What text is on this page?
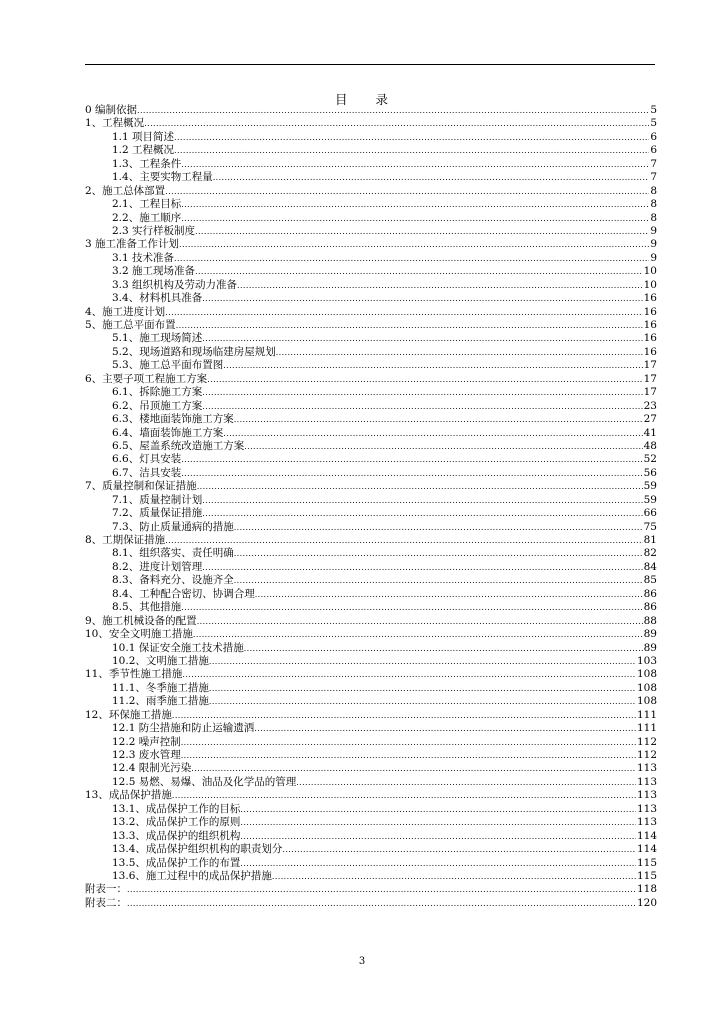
目　　录
0 编制依据 .....	5
1、工程概况 .....	5
1.1 项目简述 .....	6
1.2 工程概况 .....	6
1.3、工程条件 .....	7
1.4、主要实物工程量 .....	7
2、施工总体部置 .....	8
2.1、工程目标 .....	8
2.2、施工顺序 .....	8
2.3 实行样板制度 .....	9
3 施工准备工作计划 .....	9
3.1 技术准备 .....	9
3.2 施工现场准备 .....	10
3.3 组织机构及劳动力准备 .....	10
3.4、材料机具准备 .....	16
4、施工进度计划 .....	16
5、施工总平面布置 .....	16
5.1、施工现场简述 .....	16
5.2、现场道路和现场临建房屋规划 .....	16
5.3、施工总平面布置图 .....	17
6、主要子项工程施工方案 .....	17
6.1、拆除施工方案 .....	17
6.2、吊顶施工方案 .....	23
6.3、楼地面装饰施工方案 .....	27
6.4、墙面装饰施工方案 .....	41
6.5、屋盖系统改造施工方案 .....	48
6.6、灯具安装 .....	52
6.7、洁具安装 .....	56
7、质量控制和保证措施 .....	59
7.1、质量控制计划 .....	59
7.2、质量保证措施 .....	66
7.3、防止质量通病的措施 .....	75
8、工期保证措施 .....	81
8.1、组织落实、责任明确 .....	82
8.2、进度计划管理 .....	84
8.3、备料充分、设施齐全 .....	85
8.4、工种配合密切、协调合理 .....	86
8.5、其他措施 .....	86
9、施工机械设备的配置 .....	88
10、安全文明施工措施 .....	89
10.1 保证安全施工技术措施 .....	89
10.2、文明施工措施 .....	103
11、季节性施工措施 .....	108
11.1、冬季施工措施 .....	108
11.2、雨季施工措施 .....	108
12、环保施工措施 .....	111
12.1 防尘措施和防止运输遗洒 .....	111
12.2 噪声控制 .....	112
12.3 废水管理 .....	112
12.4 限制光污染 .....	113
12.5 易燃、易爆、油品及化学品的管理 .....	113
13、成品保护措施 .....	113
13.1、成品保护工作的目标 .....	113
13.2、成品保护工作的原则 .....	113
13.3、成品保护的组织机构 .....	114
13.4、成品保护组织机构的职责划分 .....	114
13.5、成品保护工作的布置 .....	115
13.6、施工过程中的成品保护措施 .....	115
附表一： .....	118
附表二： .....	120
3
